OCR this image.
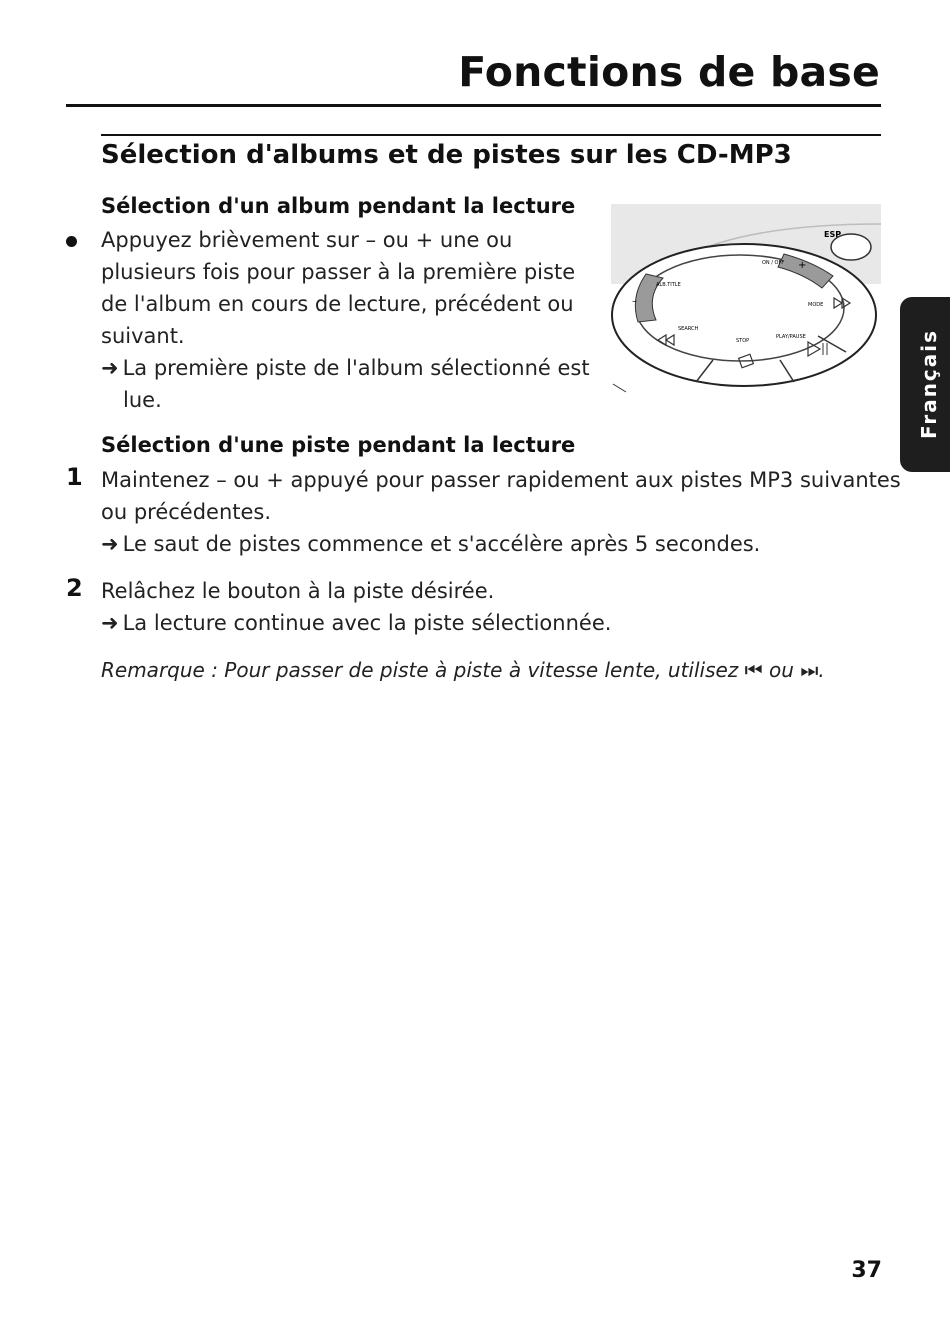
Fonctions de base
Sélection d'albums et de pistes sur les CD-MP3
Sélection d'un album pendant la lecture
Appuyez brièvement sur – ou + une ou
plusieurs fois pour passer à la première piste
de l'album en cours de lecture, précédent ou
suivant.
➜ La première piste de l'album sélectionné est
lue.
ESP
–
+
ALB.TITLE
SEARCH
STOP
PLAY/PAUSE
MODE
ON / OFF
Sélection d'une piste pendant la lecture
1 Maintenez – ou + appuyé pour passer rapidement aux pistes MP3 suivantes
ou précédentes.
➜ Le saut de pistes commence et s'accélère après 5 secondes.
2 Relâchez le bouton à la piste désirée.
➜ La lecture continue avec la piste sélectionnée.
Remarque : Pour passer de piste à piste à vitesse lente, utilisez ⏮ ou ⏭.
Français
37
